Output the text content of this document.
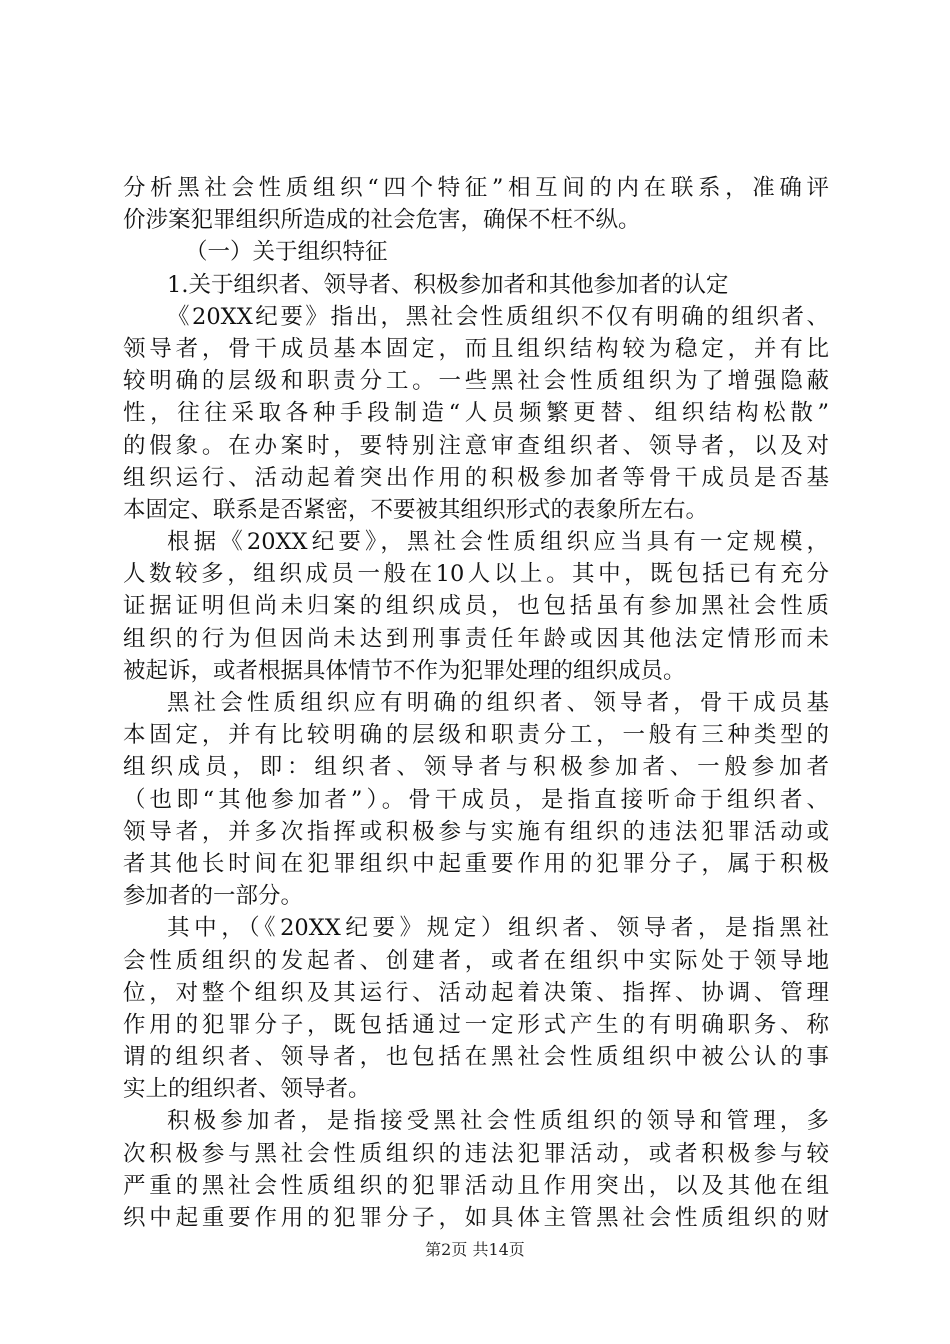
分析黑社会性质组织“四个特征”相互间的内在联系，准确评
价涉案犯罪组织所造成的社会危害，确保不枉不纵。
（一）关于组织特征
1.关于组织者、领导者、积极参加者和其他参加者的认定
《20XX纪要》指出，黑社会性质组织不仅有明确的组织者、
领导者，骨干成员基本固定，而且组织结构较为稳定，并有比
较明确的层级和职责分工。一些黑社会性质组织为了增强隐蔽
性，往往采取各种手段制造“人员频繁更替、组织结构松散”
的假象。在办案时，要特别注意审查组织者、领导者，以及对
组织运行、活动起着突出作用的积极参加者等骨干成员是否基
本固定、联系是否紧密，不要被其组织形式的表象所左右。
根据《20XX纪要》，黑社会性质组织应当具有一定规模，
人数较多，组织成员一般在10人以上。其中，既包括已有充分
证据证明但尚未归案的组织成员，也包括虽有参加黑社会性质
组织的行为但因尚未达到刑事责任年龄或因其他法定情形而未
被起诉，或者根据具体情节不作为犯罪处理的组织成员。
黑社会性质组织应有明确的组织者、领导者，骨干成员基
本固定，并有比较明确的层级和职责分工，一般有三种类型的
组织成员，即：组织者、领导者与积极参加者、一般参加者
（也即“其他参加者”）。骨干成员，是指直接听命于组织者、
领导者，并多次指挥或积极参与实施有组织的违法犯罪活动或
者其他长时间在犯罪组织中起重要作用的犯罪分子，属于积极
参加者的一部分。
其中，（《20XX纪要》规定）组织者、领导者，是指黑社
会性质组织的发起者、创建者，或者在组织中实际处于领导地
位，对整个组织及其运行、活动起着决策、指挥、协调、管理
作用的犯罪分子，既包括通过一定形式产生的有明确职务、称
谓的组织者、领导者，也包括在黑社会性质组织中被公认的事
实上的组织者、领导者。
积极参加者，是指接受黑社会性质组织的领导和管理，多
次积极参与黑社会性质组织的违法犯罪活动，或者积极参与较
严重的黑社会性质组织的犯罪活动且作用突出，以及其他在组
织中起重要作用的犯罪分子，如具体主管黑社会性质组织的财
第2页 共14页
